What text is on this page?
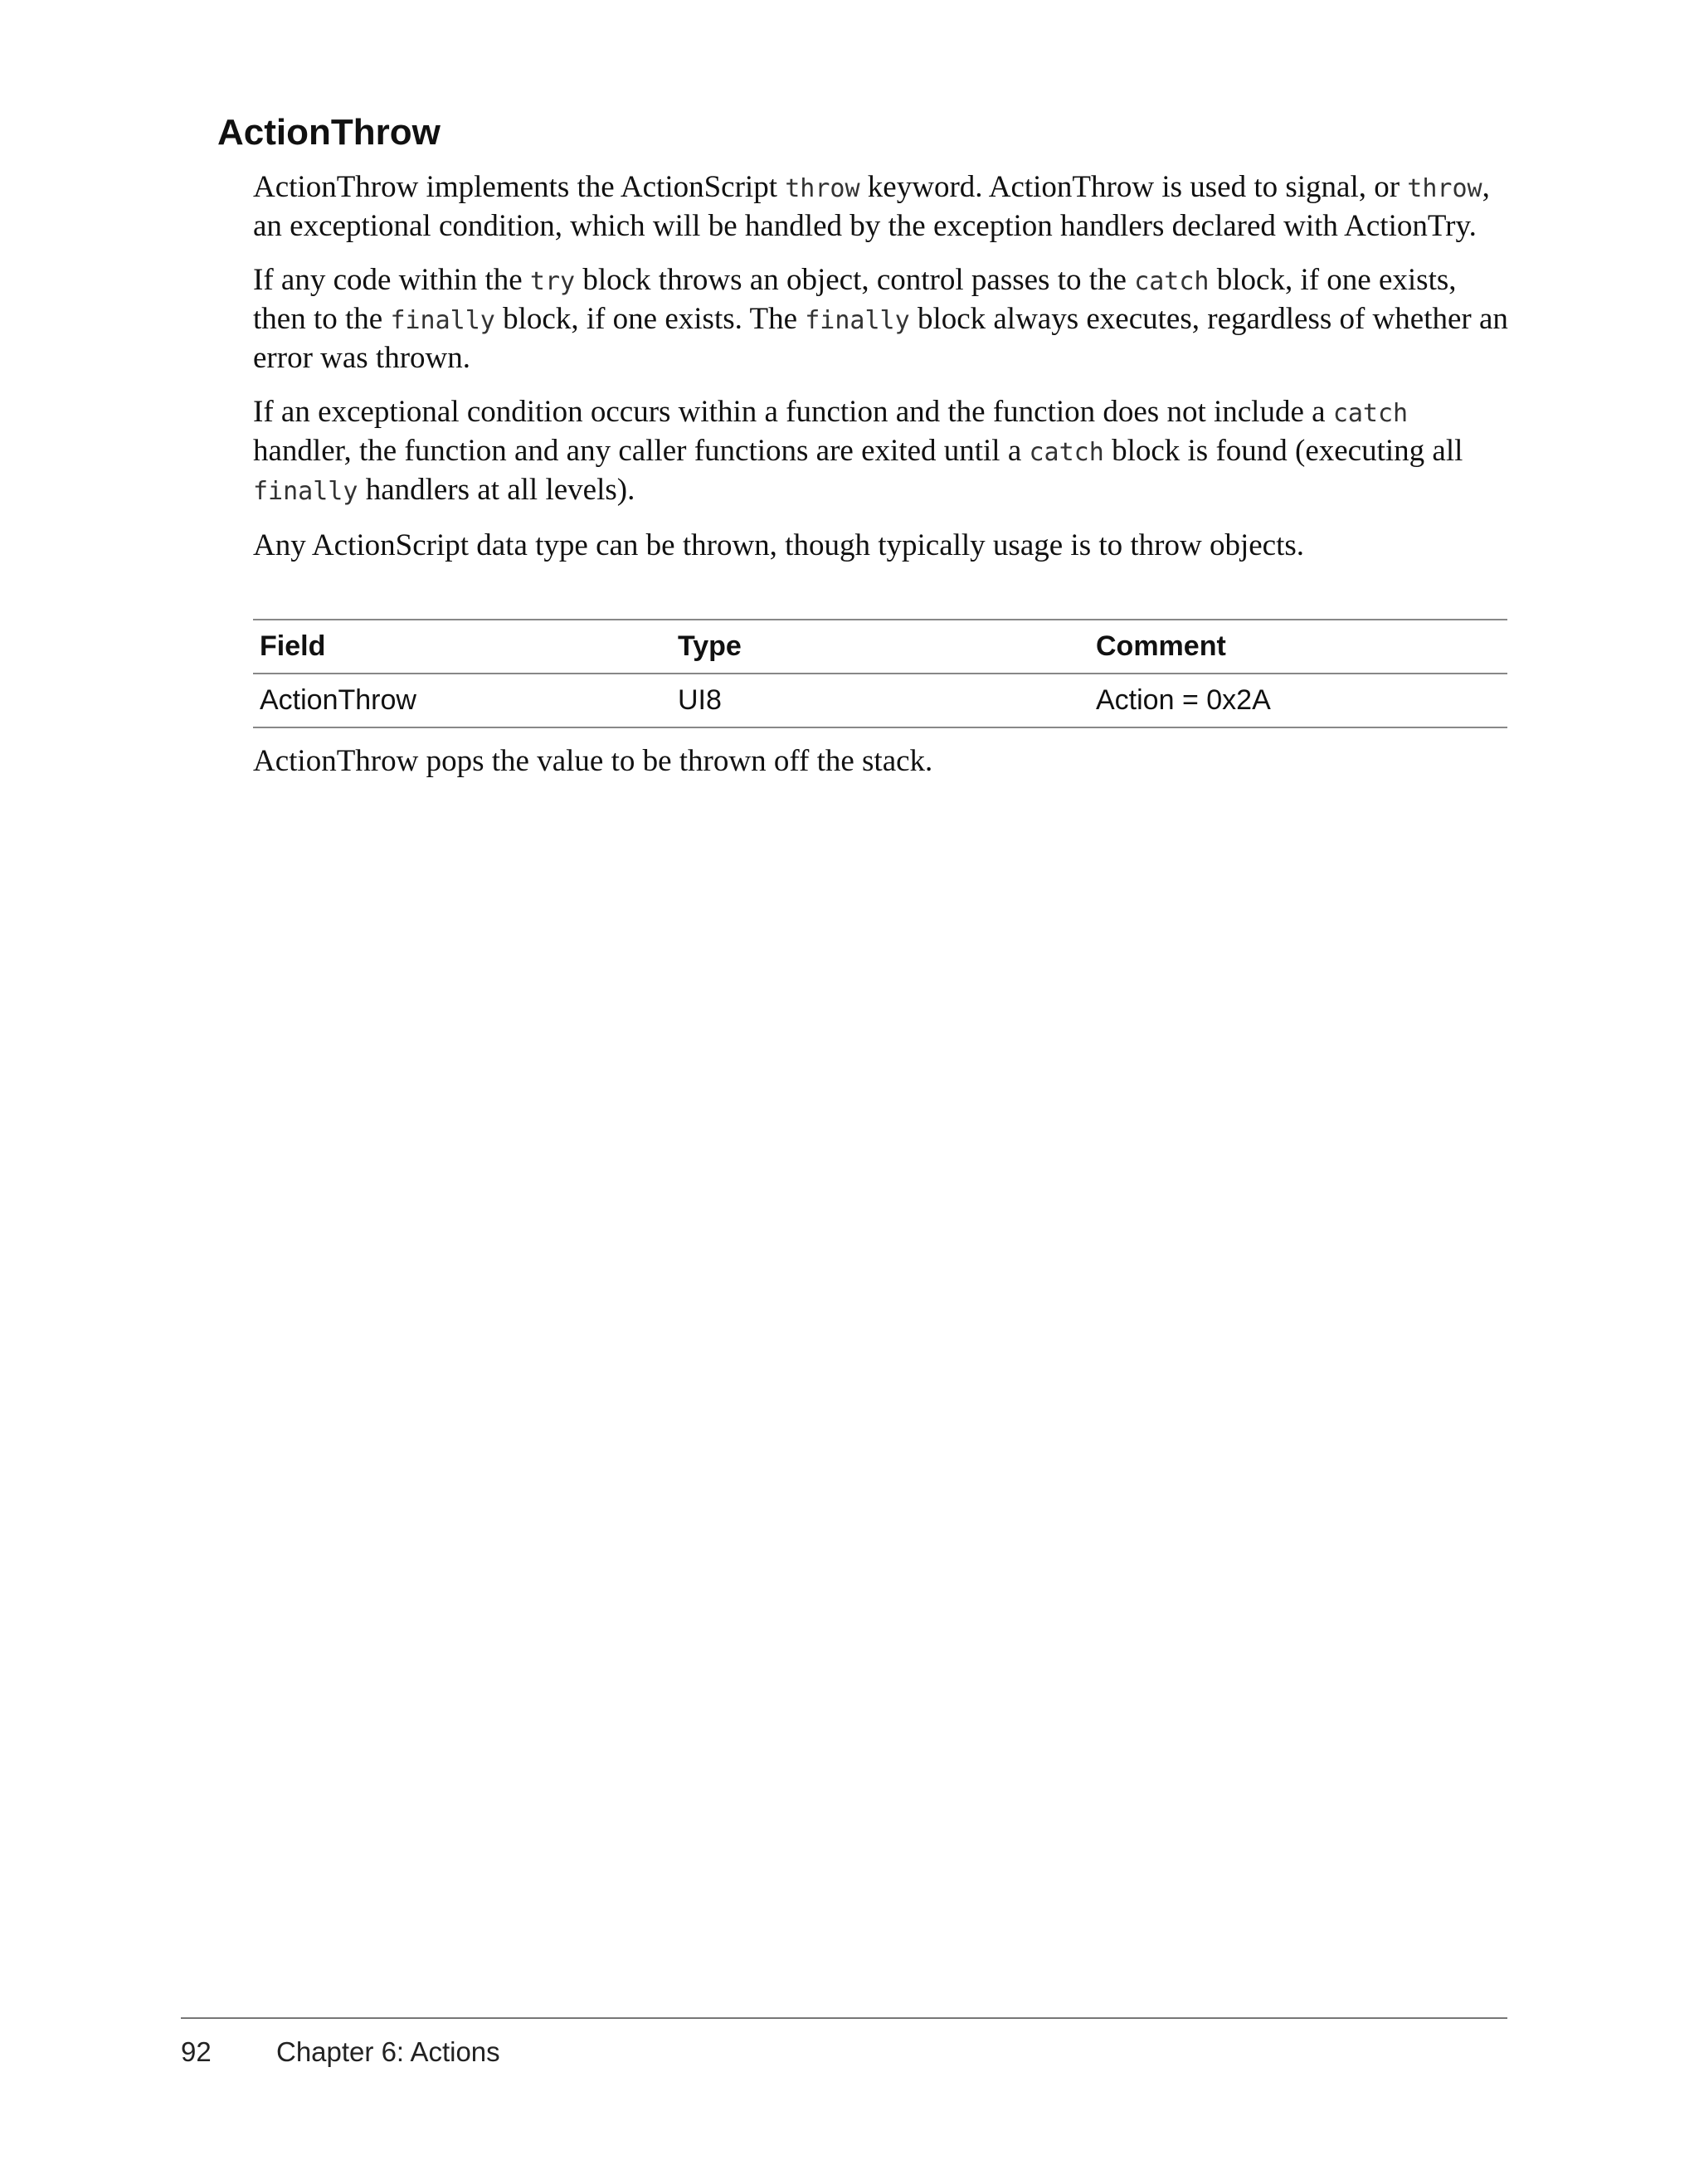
ActionThrow

ActionThrow implements the ActionScript throw keyword. ActionThrow is used to signal, or throw, an exceptional condition, which will be handled by the exception handlers declared with ActionTry.

If any code within the try block throws an object, control passes to the catch block, if one exists, then to the finally block, if one exists. The finally block always executes, regardless of whether an error was thrown.

If an exceptional condition occurs within a function and the function does not include a catch handler, the function and any caller functions are exited until a catch block is found (executing all finally handlers at all levels).

Any ActionScript data type can be thrown, though typically usage is to throw objects.

Field	Type	Comment
ActionThrow	UI8	Action = 0x2A

ActionThrow pops the value to be thrown off the stack.

92 Chapter 6: Actions
